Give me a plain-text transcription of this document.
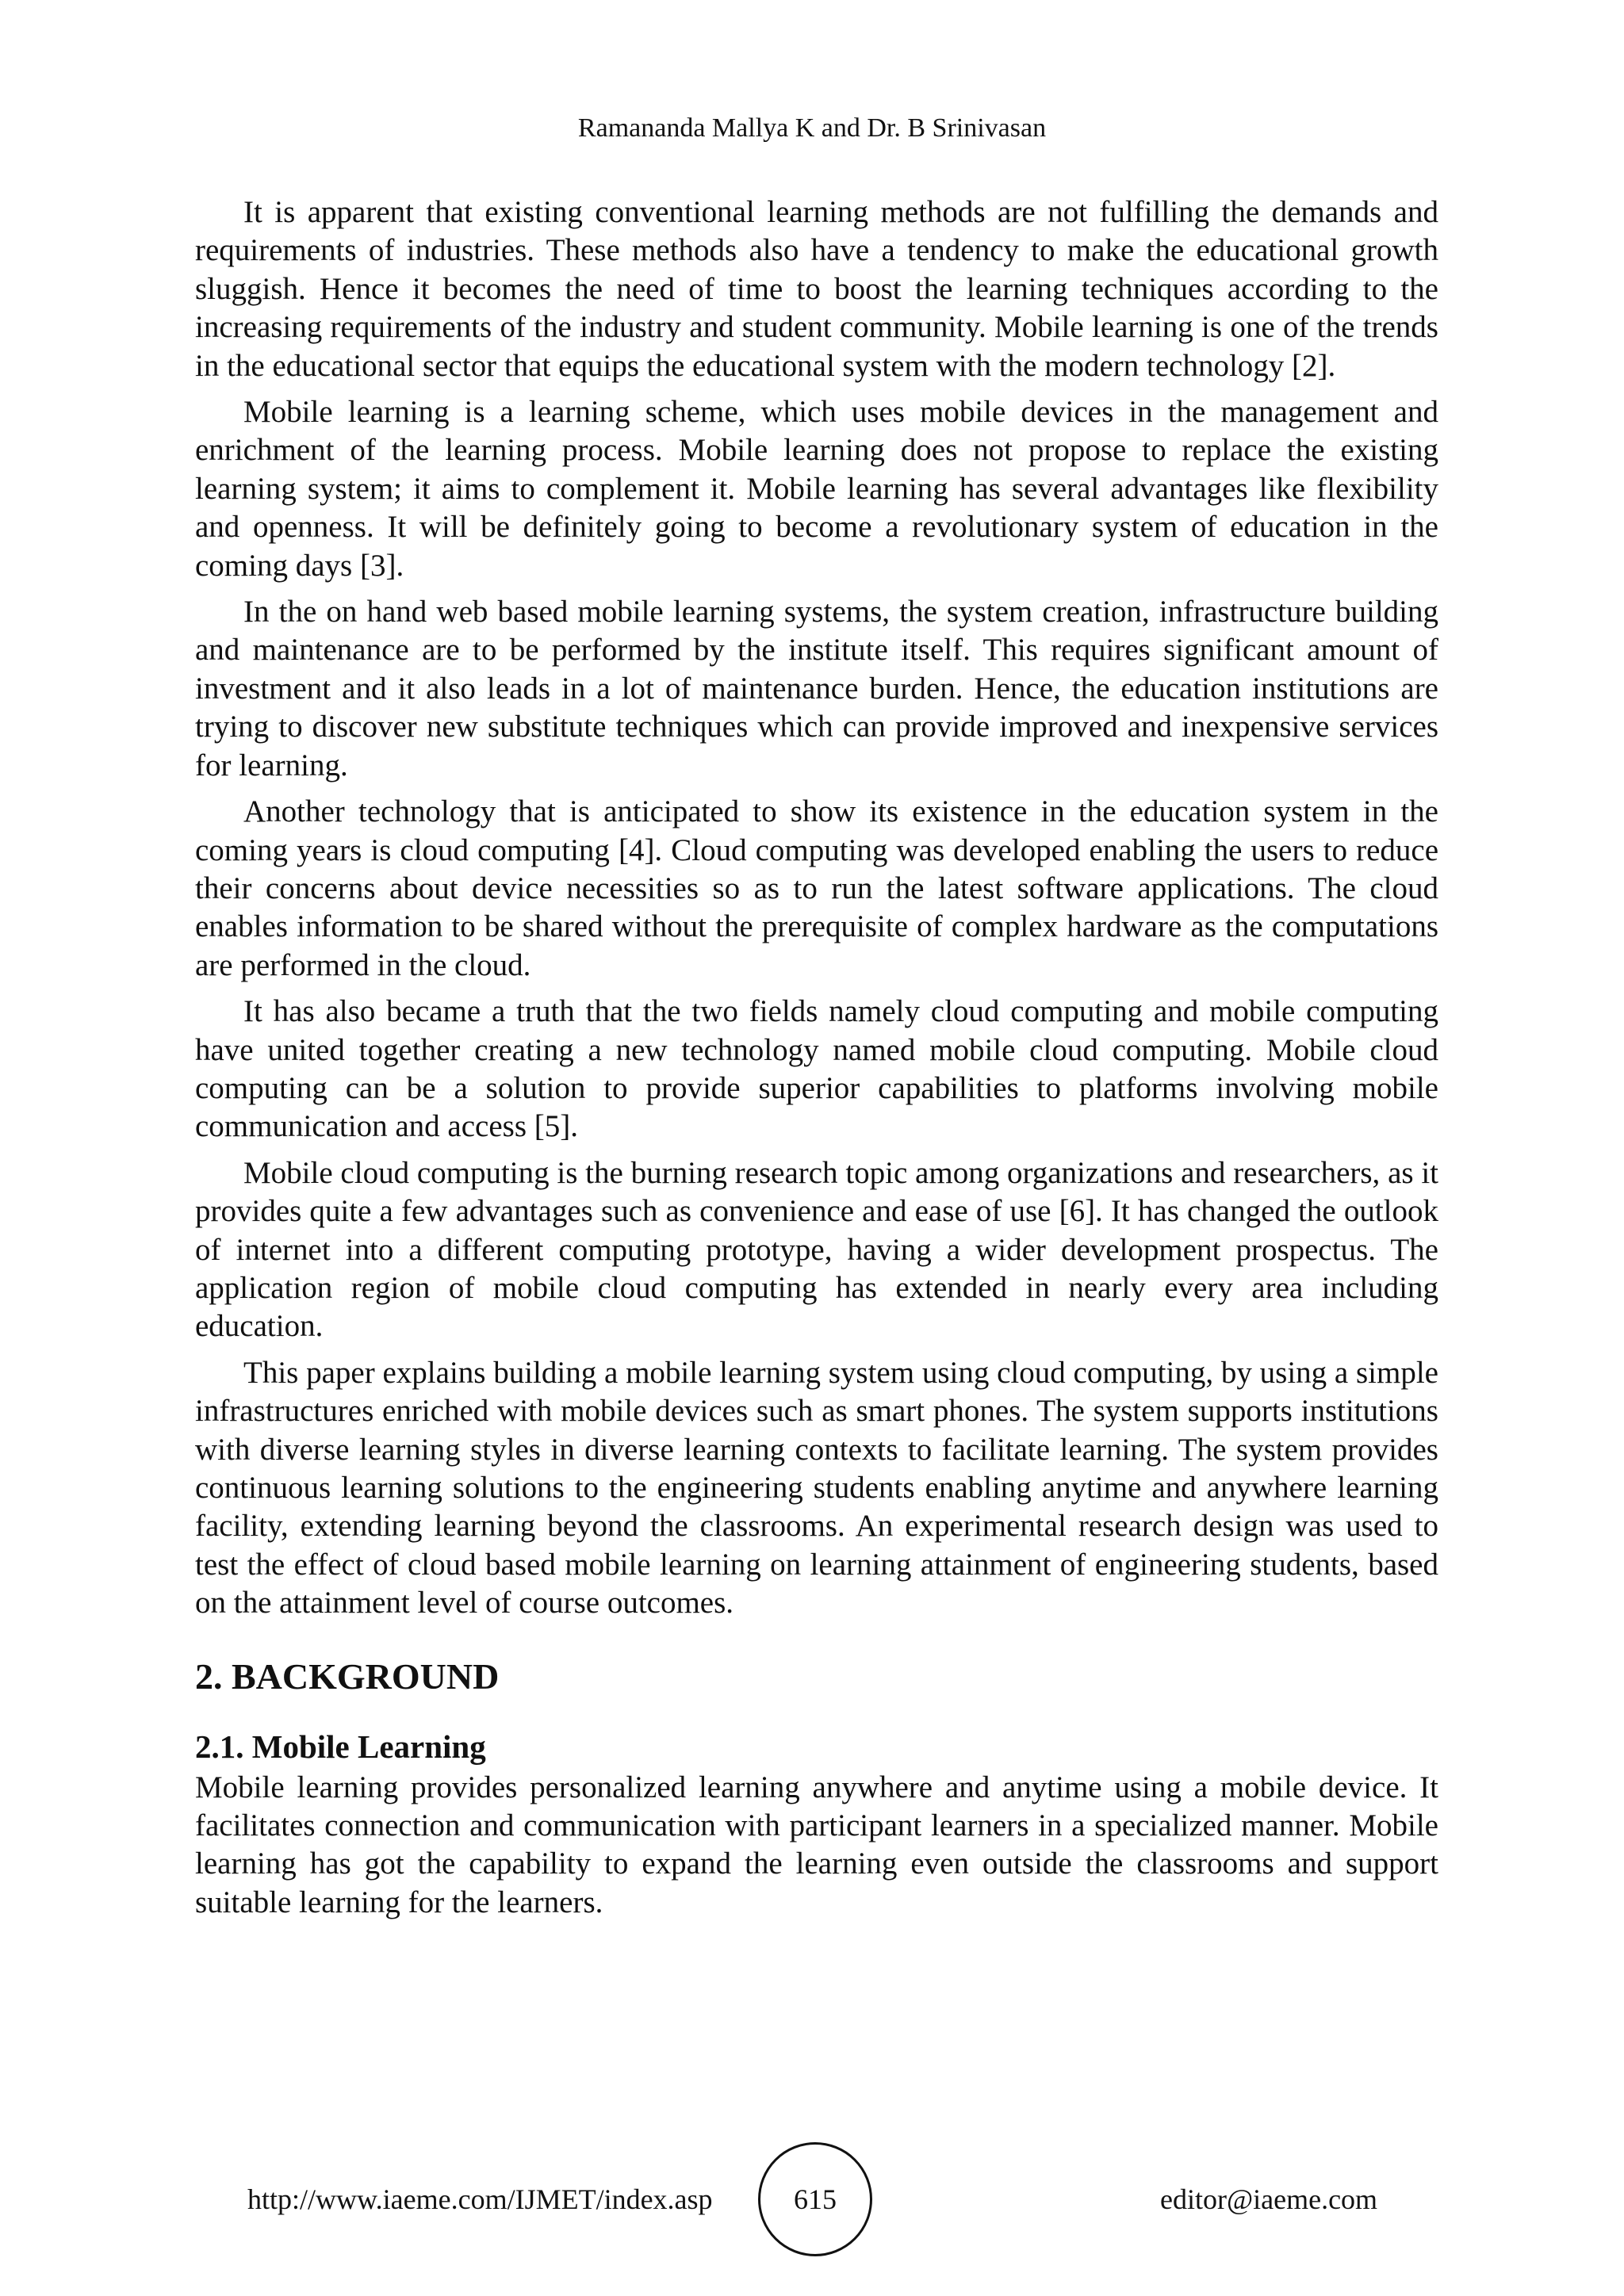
Ramananda Mallya K and Dr. B Srinivasan

It is apparent that existing conventional learning methods are not fulfilling the demands and requirements of industries. These methods also have a tendency to make the educational growth sluggish. Hence it becomes the need of time to boost the learning techniques according to the increasing requirements of the industry and student community. Mobile learning is one of the trends in the educational sector that equips the educational system with the modern technology [2].

Mobile learning is a learning scheme, which uses mobile devices in the management and enrichment of the learning process. Mobile learning does not propose to replace the existing learning system; it aims to complement it. Mobile learning has several advantages like flexibility and openness. It will be definitely going to become a revolutionary system of education in the coming days [3].

In the on hand web based mobile learning systems, the system creation, infrastructure building and maintenance are to be performed by the institute itself. This requires significant amount of investment and it also leads in a lot of maintenance burden. Hence, the education institutions are trying to discover new substitute techniques which can provide improved and inexpensive services for learning.

Another technology that is anticipated to show its existence in the education system in the coming years is cloud computing [4]. Cloud computing was developed enabling the users to reduce their concerns about device necessities so as to run the latest software applications. The cloud enables information to be shared without the prerequisite of complex hardware as the computations are performed in the cloud.

It has also became a truth that the two fields namely cloud computing and mobile computing have united together creating a new technology named mobile cloud computing. Mobile cloud computing can be a solution to provide superior capabilities to platforms involving mobile communication and access [5].

Mobile cloud computing is the burning research topic among organizations and researchers, as it provides quite a few advantages such as convenience and ease of use [6]. It has changed the outlook of internet into a different computing prototype, having a wider development prospectus. The application region of mobile cloud computing has extended in nearly every area including education.

This paper explains building a mobile learning system using cloud computing, by using a simple infrastructures enriched with mobile devices such as smart phones. The system supports institutions with diverse learning styles in diverse learning contexts to facilitate learning. The system provides continuous learning solutions to the engineering students enabling anytime and anywhere learning facility, extending learning beyond the classrooms. An experimental research design was used to test the effect of cloud based mobile learning on learning attainment of engineering students, based on the attainment level of course outcomes.

2. BACKGROUND
2.1. Mobile Learning

Mobile learning provides personalized learning anywhere and anytime using a mobile device. It facilitates connection and communication with participant learners in a specialized manner. Mobile learning has got the capability to expand the learning even outside the classrooms and support suitable learning for the learners.

http://www.iaeme.com/IJMET/index.asp	615	editor@iaeme.com
